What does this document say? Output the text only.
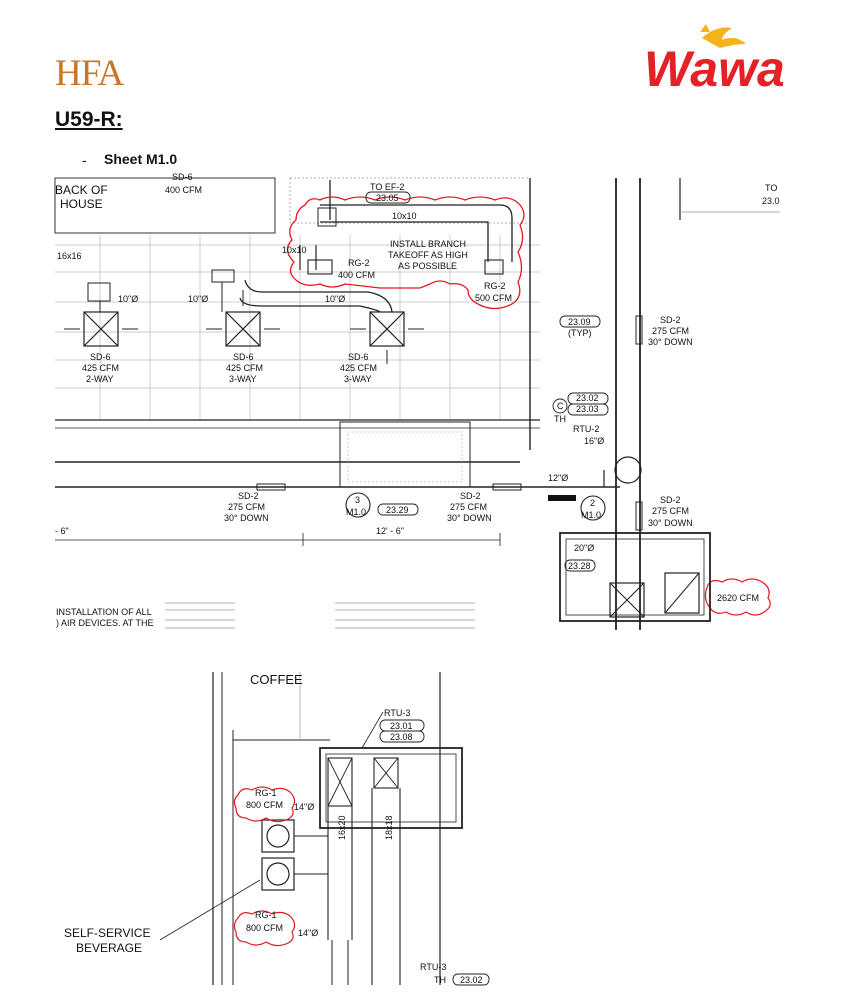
HFA	Wawa
U59-R:
- Sheet M1.0
BACK OF
HOUSE
SD-6
400 CFM	TO EF-2
23.05
10x10
10x10
INSTALL BRANCH
TAKEOFF AS HIGH
AS POSSIBLE
RG-2
400 CFM
RG-2
500 CFM
16x16
10"Ø	10"Ø	10"Ø
SD-6
425 CFM
2-WAY
SD-6
425 CFM
3-WAY
SD-6
425 CFM
3-WAY
23.09
(TYP)
SD-2
275 CFM
30° DOWN
23.02
23.03
C
TH
RTU-2
16"Ø
12"Ø
SD-2
275 CFM
30° DOWN
3
M1.0 23.29
SD-2
275 CFM
30° DOWN
2
M1.0
SD-2
275 CFM
30° DOWN
- 6"	12' - 6"
20"Ø
23.28
2620 CFM
INSTALLATION OF ALL
) AIR DEVICES. AT THE
TO
23.0
COFFEE
RTU-3
23.01
23.08
RG-1
800 CFM 14"Ø
16x20	18x18
RG-1
800 CFM 14"Ø
SELF-SERVICE
BEVERAGE
RTU-3
TH 23.02
